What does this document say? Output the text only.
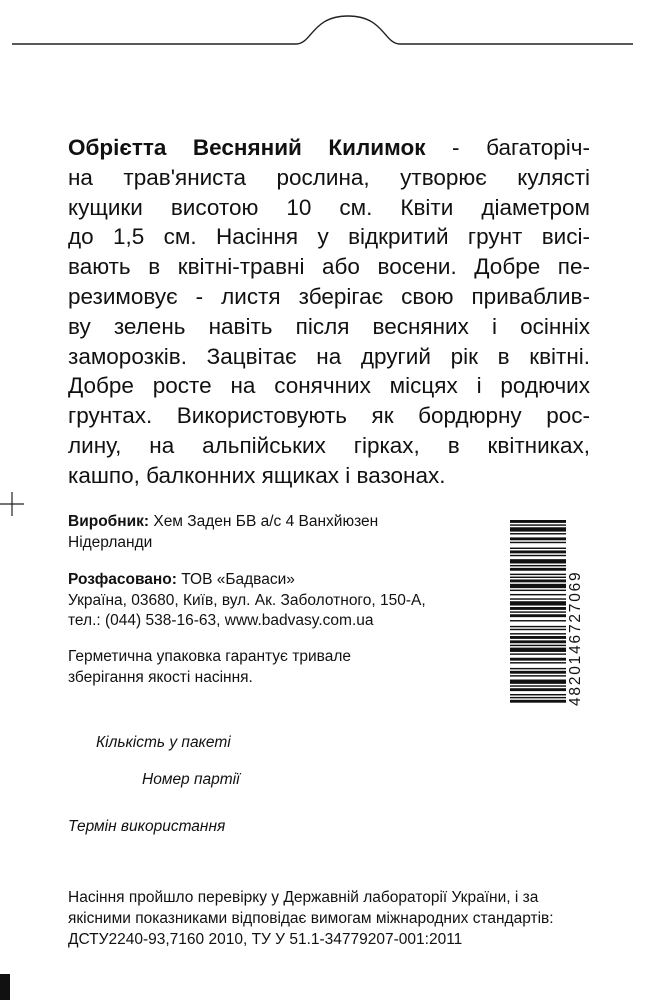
Обрієтта Весняний Килимок - багаторіч-
на трав'яниста рослина, утворює кулясті
кущики висотою 10 см. Квіти діаметром
до 1,5 см. Насіння у відкритий грунт висі-
вають в квітні-травні або восени. Добре пе-
резимовує - листя зберігає свою приваблив-
ву зелень навіть після весняних і осінніх
заморозків. Зацвітає на другий рік в квітні.
Добре росте на сонячних місцях і родючих
грунтах. Використовують як бордюрну рос-
лину, на альпійських гірках, в квітниках,
кашпо, балконних ящиках і вазонах.
Виробник: Хем Заден БВ а/с 4 Ванхйюзен
Нідерланди
Розфасовано: ТОВ «Бадваси»
Україна, 03680, Київ, вул. Ак. Заболотного, 150-А,
тел.: (044) 538-16-63, www.badvasy.com.ua
Герметична упаковка гарантує тривале
зберігання якості насіння.
Кількість у пакеті
Номер партії
Термін використання
Насіння пройшло перевірку у Державній лабораторії України, і за
якісними показниками відповідає вимогам міжнародних стандартів:
ДСТУ2240-93,7160 2010, ТУ У 51.1-34779207-001:2011
4820146727069
